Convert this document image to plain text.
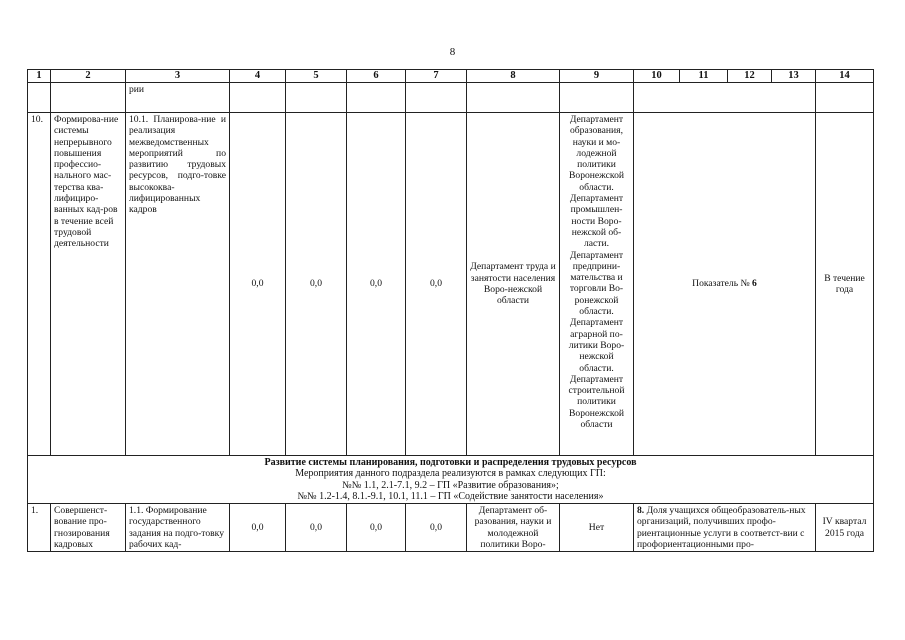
8
1	2	3	4	5	6	7	8	9	10	11	12	13	14
		рии											
10.	Формирова-ние системы непрерывного повышения профессио-нального мас-терства ква-лифициро-ванных кад-ров в течение всей трудовой деятельности	10.1. Планирова-ние и реализация межведомственных мероприятий по развитию трудовых ресурсов, подго-товке высококва-лифицированных кадров	0,0	0,0	0,0	0,0	Департамент труда и занятости населения Воро-нежской области	Департамент образования, науки и мо-лодежной политики Воронежской области. Департамент промышлен-ности Воро-нежской об-ласти. Департамент предприни-мательства и торговли Во-ронежской области. Департамент аграрной по-литики Воро-нежской области. Департамент строительной политики Воронежской области	Показатель № 6				В течение года

Развитие системы планирования, подготовки и распределения трудовых ресурсов
Мероприятия данного подраздела реализуются в рамках следующих ГП:
№№ 1.1, 2.1-7.1, 9.2 – ГП «Развитие образования»;
№№ 1.2-1.4, 8.1.-9.1, 10.1, 11.1 – ГП «Содействие занятости населения»													

1.	Совершенст-вование про-гнозирования кадровых	1.1. Формирование государственного задания на подго-товку рабочих кад-	0,0	0,0	0,0	0,0	Департамент об-разования, науки и молодежной политики Воро-	Нет	8. Доля учащихся общеобразователь-ных организаций, получивших профо-риентационные услуги в соответст-вии с профориентационными про-				IV квартал 2015 года
